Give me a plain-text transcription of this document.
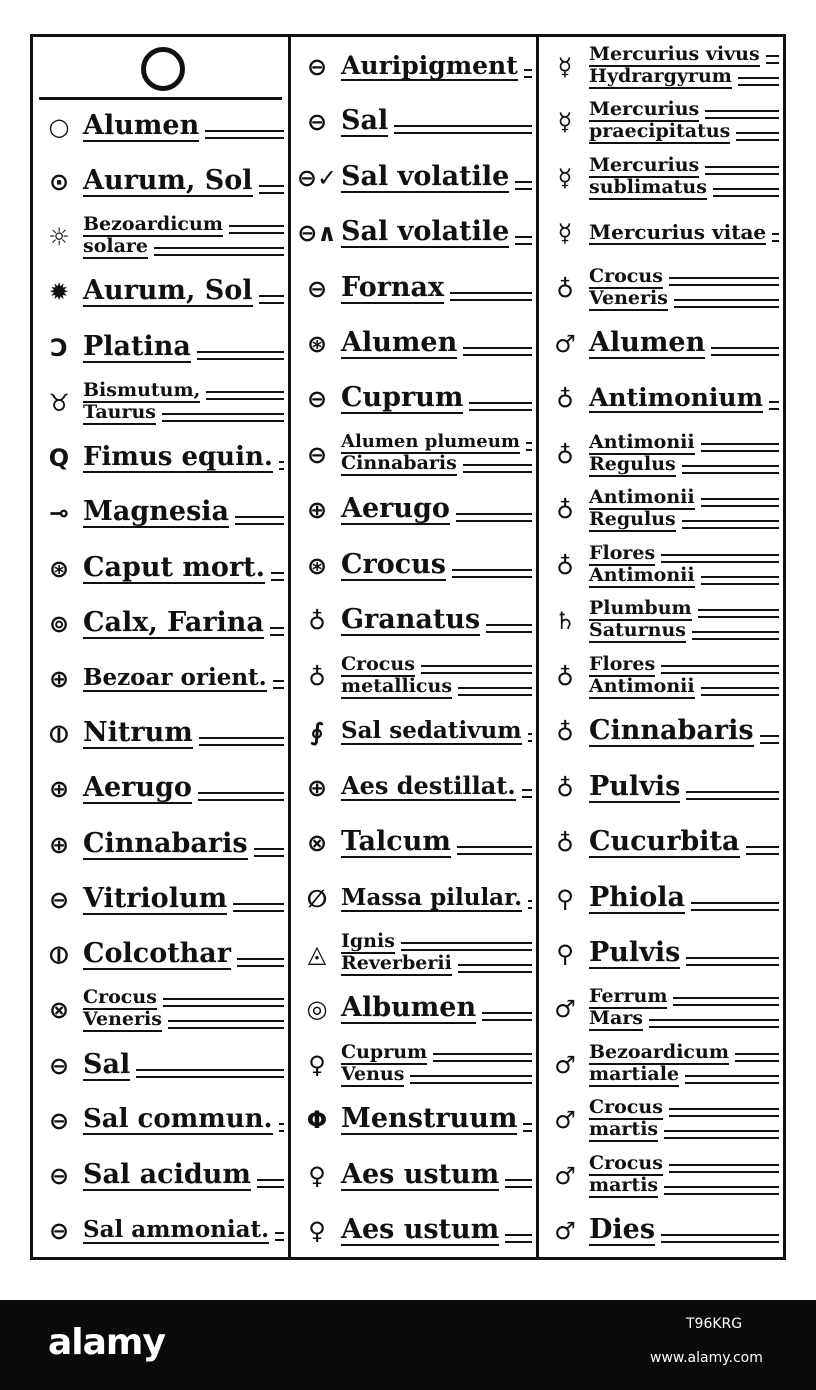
○ Alumen
⊙ Aurum, Sol
☼ Bezoardicum
solare
✹ Aurum, Sol
Ɔ Platina
♉ Bismutum,
Taurus
Q Fimus equin.
⊸ Magnesia
⊛ Caput mort.
⊚ Calx, Farina
⊕ Bezoar orient.
⦶ Nitrum
⊕ Aerugo
⊕ Cinnabaris
⊖ Vitriolum
⦶ Colcothar
⊗ Crocus
Veneris
⊖ Sal
⊖ Sal commun.
⊖ Sal acidum
⊖ Sal ammoniat.
⊖ Auripigment
⊖ Sal
⊖✓ Sal volatile
⊖∧ Sal volatile
⊖ Fornax
⊛ Alumen
⊖ Cuprum
⊖ Alumen plumeum
Cinnabaris
⊕ Aerugo
⊛ Crocus
♁ Granatus
♁ Crocus
metallicus
∮ Sal sedativum
⊕ Aes destillat.
⊗ Talcum
∅ Massa pilular.
◬ Ignis
Reverberii
◎ Albumen
♀ Cuprum
Venus
Φ Menstruum
♀ Aes ustum
♀ Aes ustum
☿ Mercurius vivus
Hydrargyrum
☿ Mercurius
praecipitatus
☿ Mercurius
sublimatus
☿ Mercurius vitae
♁ Crocus
Veneris
♂ Alumen
♁ Antimonium
♁ Antimonii
Regulus
♁ Antimonii
Regulus
♁ Flores
Antimonii
♄ Plumbum
Saturnus
♁ Flores
Antimonii
♁ Cinnabaris
♁ Pulvis
♁ Cucurbita
⚲ Phiola
⚲ Pulvis
♂ Ferrum
Mars
♂ Bezoardicum
martiale
♂ Crocus
martis
♂ Crocus
martis
♂ Dies
alamy	T96KRG
www.alamy.com
